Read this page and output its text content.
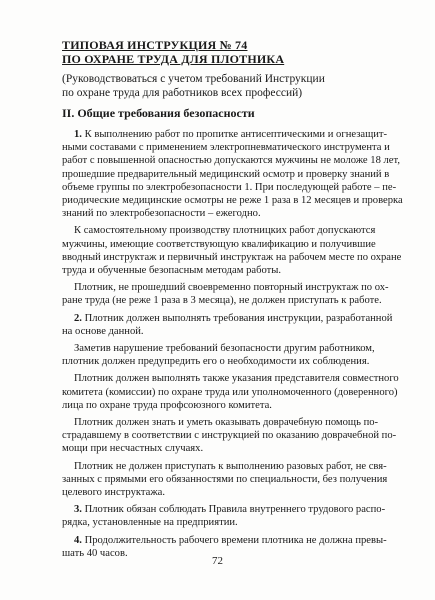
ТИПОВАЯ ИНСТРУКЦИЯ № 74
ПО ОХРАНЕ ТРУДА ДЛЯ ПЛОТНИКА
(Руководствоваться с учетом требований Инструкции
по охране труда для работников всех профессий)
II. Общие требования безопасности
1. К выполнению работ по пропитке антисептическими и огнезащит-
ными составами с применением электропневматического инструмента и
работ с повышенной опасностью допускаются мужчины не моложе 18 лет,
прошедшие предварительный медицинский осмотр и проверку знаний в
объеме группы по электробезопасности 1. При последующей работе – пе-
риодические медицинские осмотры не реже 1 раза в 12 месяцев и проверка
знаний по электробезопасности – ежегодно.
К самостоятельному производству плотницких работ допускаются
мужчины, имеющие соответствующую квалификацию и получившие
вводный инструктаж и первичный инструктаж на рабочем месте по охране
труда и обученные безопасным методам работы.
Плотник, не прошедший своевременно повторный инструктаж по ох-
ране труда (не реже 1 раза в 3 месяца), не должен приступать к работе.
2. Плотник должен выполнять требования инструкции, разработанной
на основе данной.
Заметив нарушение требований безопасности другим работником,
плотник должен предупредить его о необходимости их соблюдения.
Плотник должен выполнять также указания представителя совместного
комитета (комиссии) по охране труда или уполномоченного (доверенного)
лица по охране труда профсоюзного комитета.
Плотник должен знать и уметь оказывать доврачебную помощь по-
страдавшему в соответствии с инструкцией по оказанию доврачебной по-
мощи при несчастных случаях.
Плотник не должен приступать к выполнению разовых работ, не свя-
занных с прямыми его обязанностями по специальности, без получения
целевого инструктажа.
3. Плотник обязан соблюдать Правила внутреннего трудового распо-
рядка, установленные на предприятии.
4. Продолжительность рабочего времени плотника не должна превы-
шать 40 часов.
72
